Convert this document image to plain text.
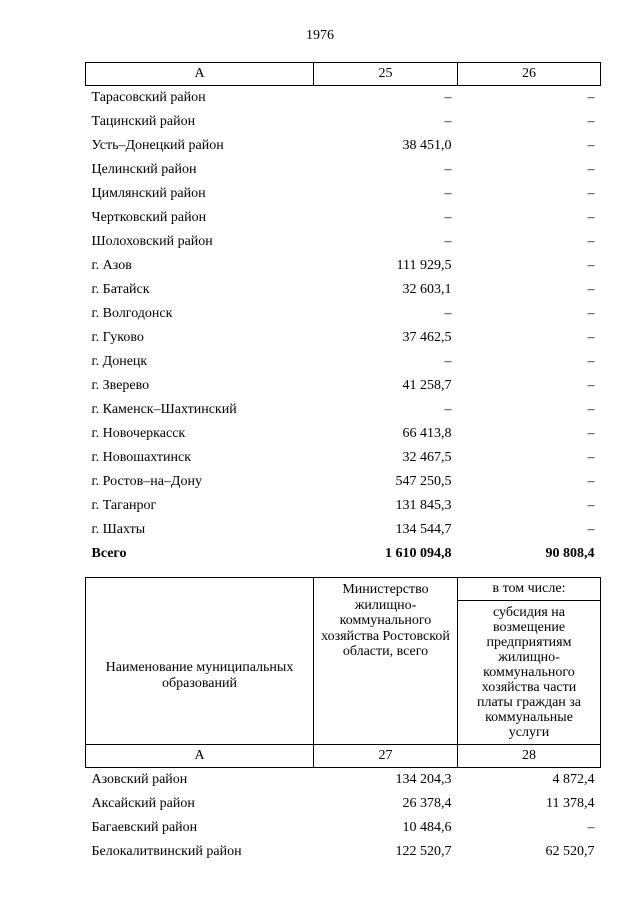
1976
А	25	26
Тарасовский район	–	–
Тацинский район	–	–
Усть–Донецкий район	38 451,0	–
Целинский район	–	–
Цимлянский район	–	–
Чертковский район	–	–
Шолоховский район	–	–
г. Азов	111 929,5	–
г. Батайск	32 603,1	–
г. Волгодонск	–	–
г. Гуково	37 462,5	–
г. Донецк	–	–
г. Зверево	41 258,7	–
г. Каменск–Шахтинский	–	–
г. Новочеркасск	66 413,8	–
г. Новошахтинск	32 467,5	–
г. Ростов–на–Дону	547 250,5	–
г. Таганрог	131 845,3	–
г. Шахты	134 544,7	–
Всего	1 610 094,8	90 808,4
Наименование муниципальных образований	Министерство жилищно-коммунального хозяйства Ростовской области, всего	в том числе:
		субсидия на возмещение предприятиям жилищно-коммунального хозяйства части платы граждан за коммунальные услуги
А	27	28
Азовский район	134 204,3	4 872,4
Аксайский район	26 378,4	11 378,4
Багаевский район	10 484,6	–
Белокалитвинский район	122 520,7	62 520,7
